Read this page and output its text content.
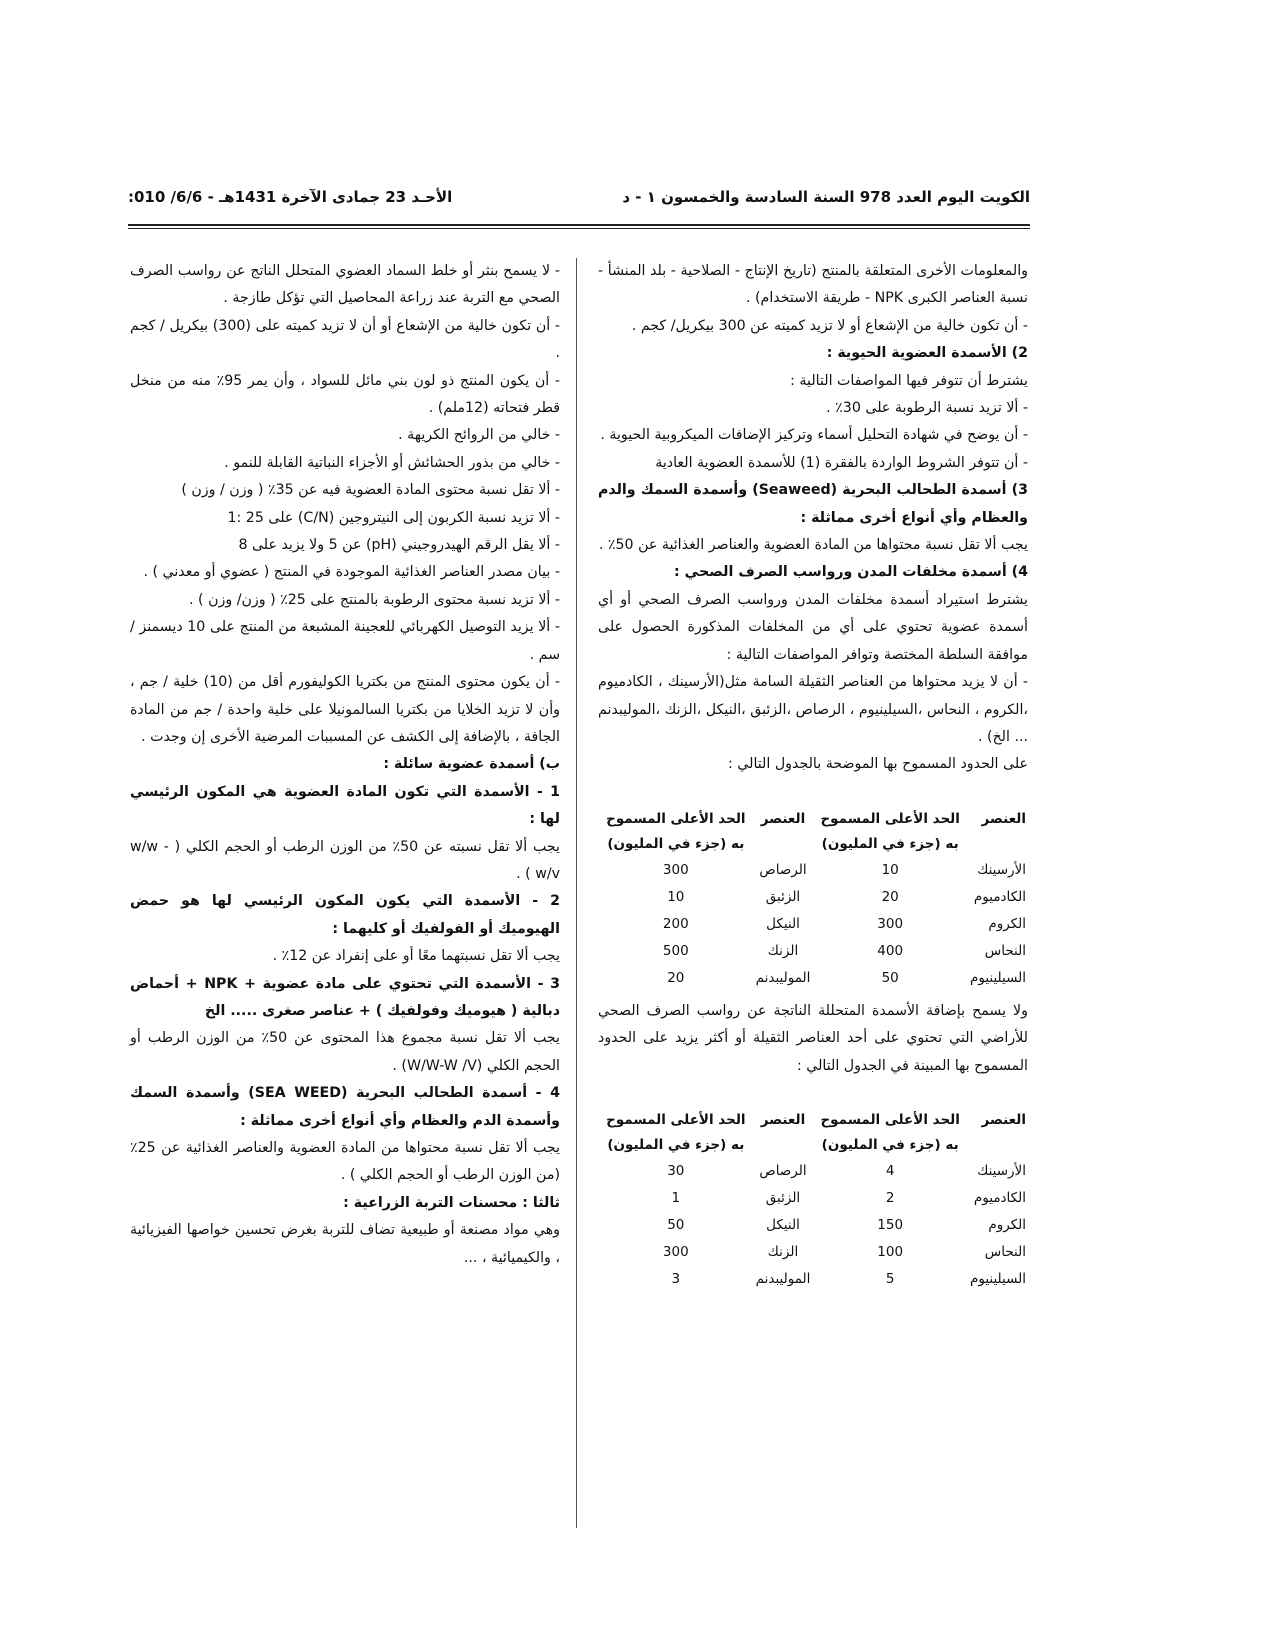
الكويت اليوم العدد 978 السنة السادسة والخمسون ١ - د
الأحـد 23 جمادى الآخرة 1431هـ - 6/6/ 010:

والمعلومات الأخرى المتعلقة بالمنتج (تاريخ الإنتاج - الصلاحية - بلد المنشأ - نسبة العناصر الكبرى NPK - طريقة الاستخدام) .

- أن تكون خالية من الإشعاع أو لا تزيد كميته عن 300 بيكريل/ كجم .

2) الأسمدة العضوية الحيوية :

يشترط أن تتوفر فيها المواصفات التالية :

- ألا تزيد نسبة الرطوبة على 30٪ .

- أن يوضح في شهادة التحليل أسماء وتركيز الإضافات الميكروبية الحيوية .

- أن تتوفر الشروط الواردة بالفقرة (1) للأسمدة العضوية العادية

3) أسمدة الطحالب البحرية (Seaweed) وأسمدة السمك والدم والعظام وأي أنواع أخرى مماثلة :

يجب ألا تقل نسبة محتواها من المادة العضوية والعناصر الغذائية عن 50٪ .

4) أسمدة مخلفات المدن ورواسب الصرف الصحي :

يشترط استيراد أسمدة مخلفات المدن ورواسب الصرف الصحي أو أي أسمدة عضوية تحتوي على أي من المخلفات المذكورة الحصول على موافقة السلطة المختصة وتوافر المواصفات التالية :

- أن لا يزيد محتواها من العناصر الثقيلة السامة مثل(الأرسينك ، الكادميوم ،الكروم ، النحاس ،السيلينيوم ، الرصاص ،الزئبق ،النيكل ،الزنك ،الموليبدنم ... الخ) .

على الحدود المسموح بها الموضحة بالجدول التالي :

العنصر	الحد الأعلى المسموح به (جزء في المليون)	العنصر	الحد الأعلى المسموح به (جزء في المليون)
الأرسينك	10	الرصاص	300
الكادميوم	20	الزئبق	10
الكروم	300	النيكل	200
النحاس	400	الزنك	500
السيلينيوم	50	الموليبدنم	20

ولا يسمح بإضافة الأسمدة المتحللة الناتجة عن رواسب الصرف الصحي للأراضي التي تحتوي على أحد العناصر الثقيلة أو أكثر يزيد على الحدود المسموح بها المبينة في الجدول التالي :

العنصر	الحد الأعلى المسموح به (جزء في المليون)	العنصر	الحد الأعلى المسموح به (جزء في المليون)
الأرسينك	4	الرصاص	30
الكادميوم	2	الزئبق	1
الكروم	150	النيكل	50
النحاس	100	الزنك	300
السيلينيوم	5	الموليبدنم	3

- لا يسمح بنثر أو خلط السماد العضوي المتحلل الناتج عن رواسب الصرف الصحي مع التربة عند زراعة المحاصيل التي تؤكل طازجة .

- أن تكون خالية من الإشعاع أو أن لا تزيد كميته على (300) بيكريل / كجم .

- أن يكون المنتج ذو لون بني مائل للسواد ، وأن يمر 95٪ منه من منخل قطر فتحاته (12ملم) .

- خالي من الروائح الكريهة .

- خالي من بذور الحشائش أو الأجزاء النباتية القابلة للنمو .

- ألا تقل نسبة محتوى المادة العضوية فيه عن 35٪ ( وزن / وزن )

- ألا تزيد نسبة الكربون إلى النيتروجين (C/N) على 25 :1

- ألا يقل الرقم الهيدروجيني (pH) عن 5 ولا يزيد على 8

- بيان مصدر العناصر الغذائية الموجودة في المنتج ( عضوي أو معدني ) .

- ألا تزيد نسبة محتوى الرطوبة بالمنتج على 25٪ ( وزن/ وزن ) .

- ألا يزيد التوصيل الكهربائي للعجينة المشبعة من المنتج على 10 ديسمنز / سم .

- أن يكون محتوى المنتج من بكتريا الكوليفورم أقل من (10) خلية / جم ، وأن لا تزيد الخلايا من بكتريا السالمونيلا على خلية واحدة / جم من المادة الجافة ، بالإضافة إلى الكشف عن المسببات المرضية الأخرى إن وجدت .

ب) أسمدة عضوية سائلة :

1 - الأسمدة التي تكون المادة العضوية هي المكون الرئيسي لها :

يجب ألا تقل نسبته عن 50٪ من الوزن الرطب أو الحجم الكلي ( w/w - w/v ) .

2 - الأسمدة التي يكون المكون الرئيسي لها هو حمض الهيوميك أو الفولفيك أو كليهما :

يجب ألا تقل نسبتهما معًا أو على إنفراد عن 12٪ .

3 - الأسمدة التي تحتوي على مادة عضوية + NPK + أحماض دبالية ( هيوميك وفولفيك ) + عناصر صغرى ..... الخ

يجب ألا تقل نسبة مجموع هذا المحتوى عن 50٪ من الوزن الرطب أو الحجم الكلي (W/W-W /V) .

4 - أسمدة الطحالب البحرية (SEA WEED) وأسمدة السمك وأسمدة الدم والعظام وأي أنواع أخرى مماثلة :

يجب ألا تقل نسبة محتواها من المادة العضوية والعناصر الغذائية عن 25٪ (من الوزن الرطب أو الحجم الكلي ) .

ثالثا : محسنات التربة الزراعية :

وهي مواد مصنعة أو طبيعية تضاف للتربة بغرض تحسين خواصها الفيزيائية ، والكيميائية ، ...
